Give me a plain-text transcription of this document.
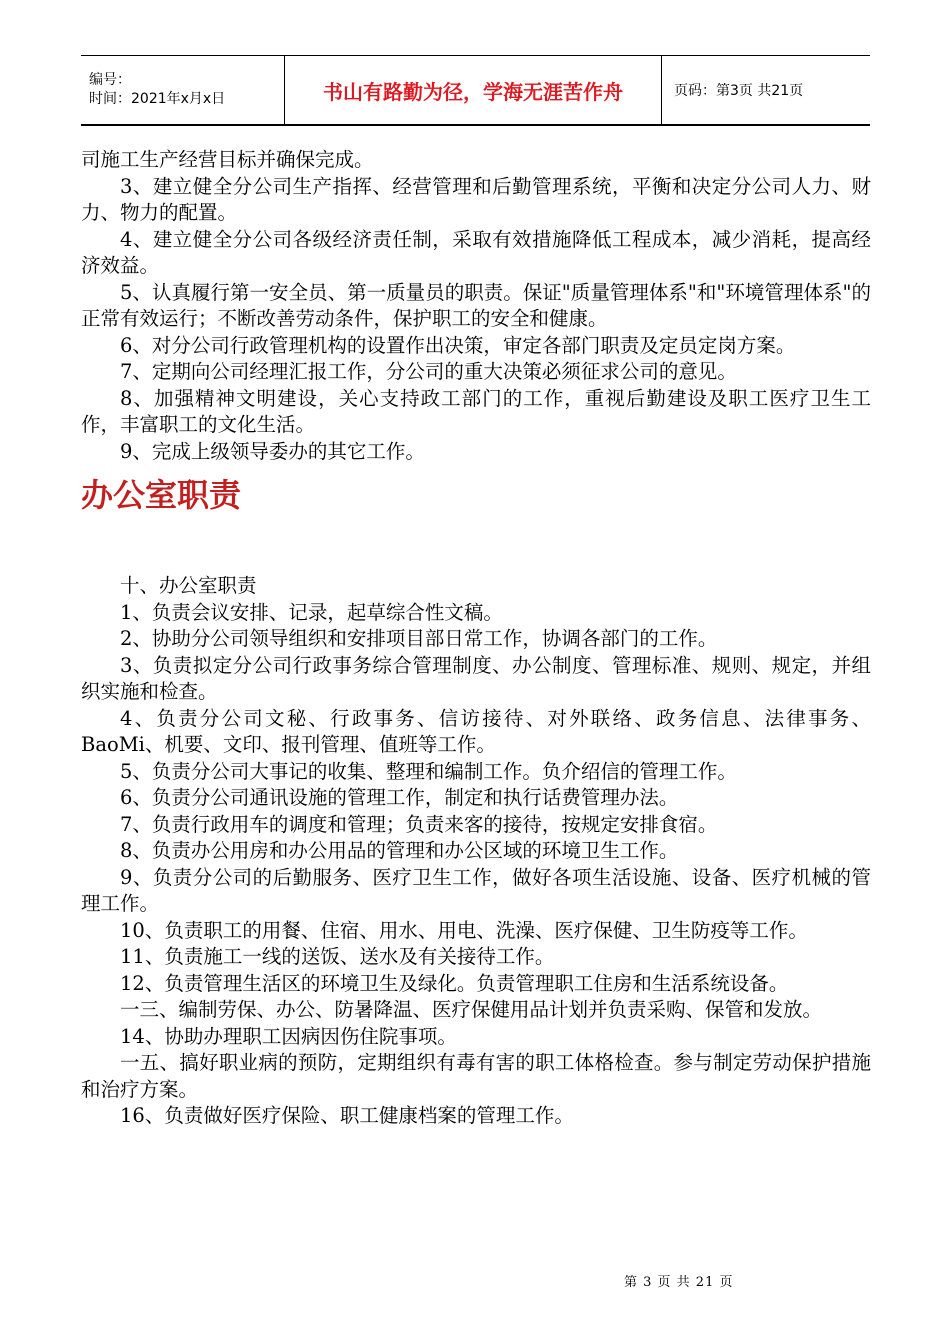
编号：
时间：2021年x月x日	书山有路勤为径，学海无涯苦作舟	页码：第3页 共21页

司施工生产经营目标并确保完成。

3、建立健全分公司生产指挥、经营管理和后勤管理系统，平衡和决定分公司人力、财力、物力的配置。

4、建立健全分公司各级经济责任制，采取有效措施降低工程成本，减少消耗，提高经济效益。

5、认真履行第一安全员、第一质量员的职责。保证"质量管理体系"和"环境管理体系"的正常有效运行；不断改善劳动条件，保护职工的安全和健康。

6、对分公司行政管理机构的设置作出决策，审定各部门职责及定员定岗方案。

7、定期向公司经理汇报工作，分公司的重大决策必须征求公司的意见。

8、加强精神文明建设，关心支持政工部门的工作，重视后勤建设及职工医疗卫生工作，丰富职工的文化生活。

9、完成上级领导委办的其它工作。

办公室职责

十、办公室职责

1、负责会议安排、记录，起草综合性文稿。

2、协助分公司领导组织和安排项目部日常工作，协调各部门的工作。

3、负责拟定分公司行政事务综合管理制度、办公制度、管理标准、规则、规定，并组织实施和检查。

4、负责分公司文秘、行政事务、信访接待、对外联络、政务信息、法律事务、BaoMi、机要、文印、报刊管理、值班等工作。

5、负责分公司大事记的收集、整理和编制工作。负介绍信的管理工作。

6、负责分公司通讯设施的管理工作，制定和执行话费管理办法。

7、负责行政用车的调度和管理；负责来客的接待，按规定安排食宿。

8、负责办公用房和办公用品的管理和办公区域的环境卫生工作。

9、负责分公司的后勤服务、医疗卫生工作，做好各项生活设施、设备、医疗机械的管理工作。

10、负责职工的用餐、住宿、用水、用电、洗澡、医疗保健、卫生防疫等工作。

11、负责施工一线的送饭、送水及有关接待工作。

12、负责管理生活区的环境卫生及绿化。负责管理职工住房和生活系统设备。

一三、编制劳保、办公、防暑降温、医疗保健用品计划并负责采购、保管和发放。

14、协助办理职工因病因伤住院事项。

一五、搞好职业病的预防，定期组织有毒有害的职工体格检查。参与制定劳动保护措施和治疗方案。

16、负责做好医疗保险、职工健康档案的管理工作。

第 3 页 共 21 页
